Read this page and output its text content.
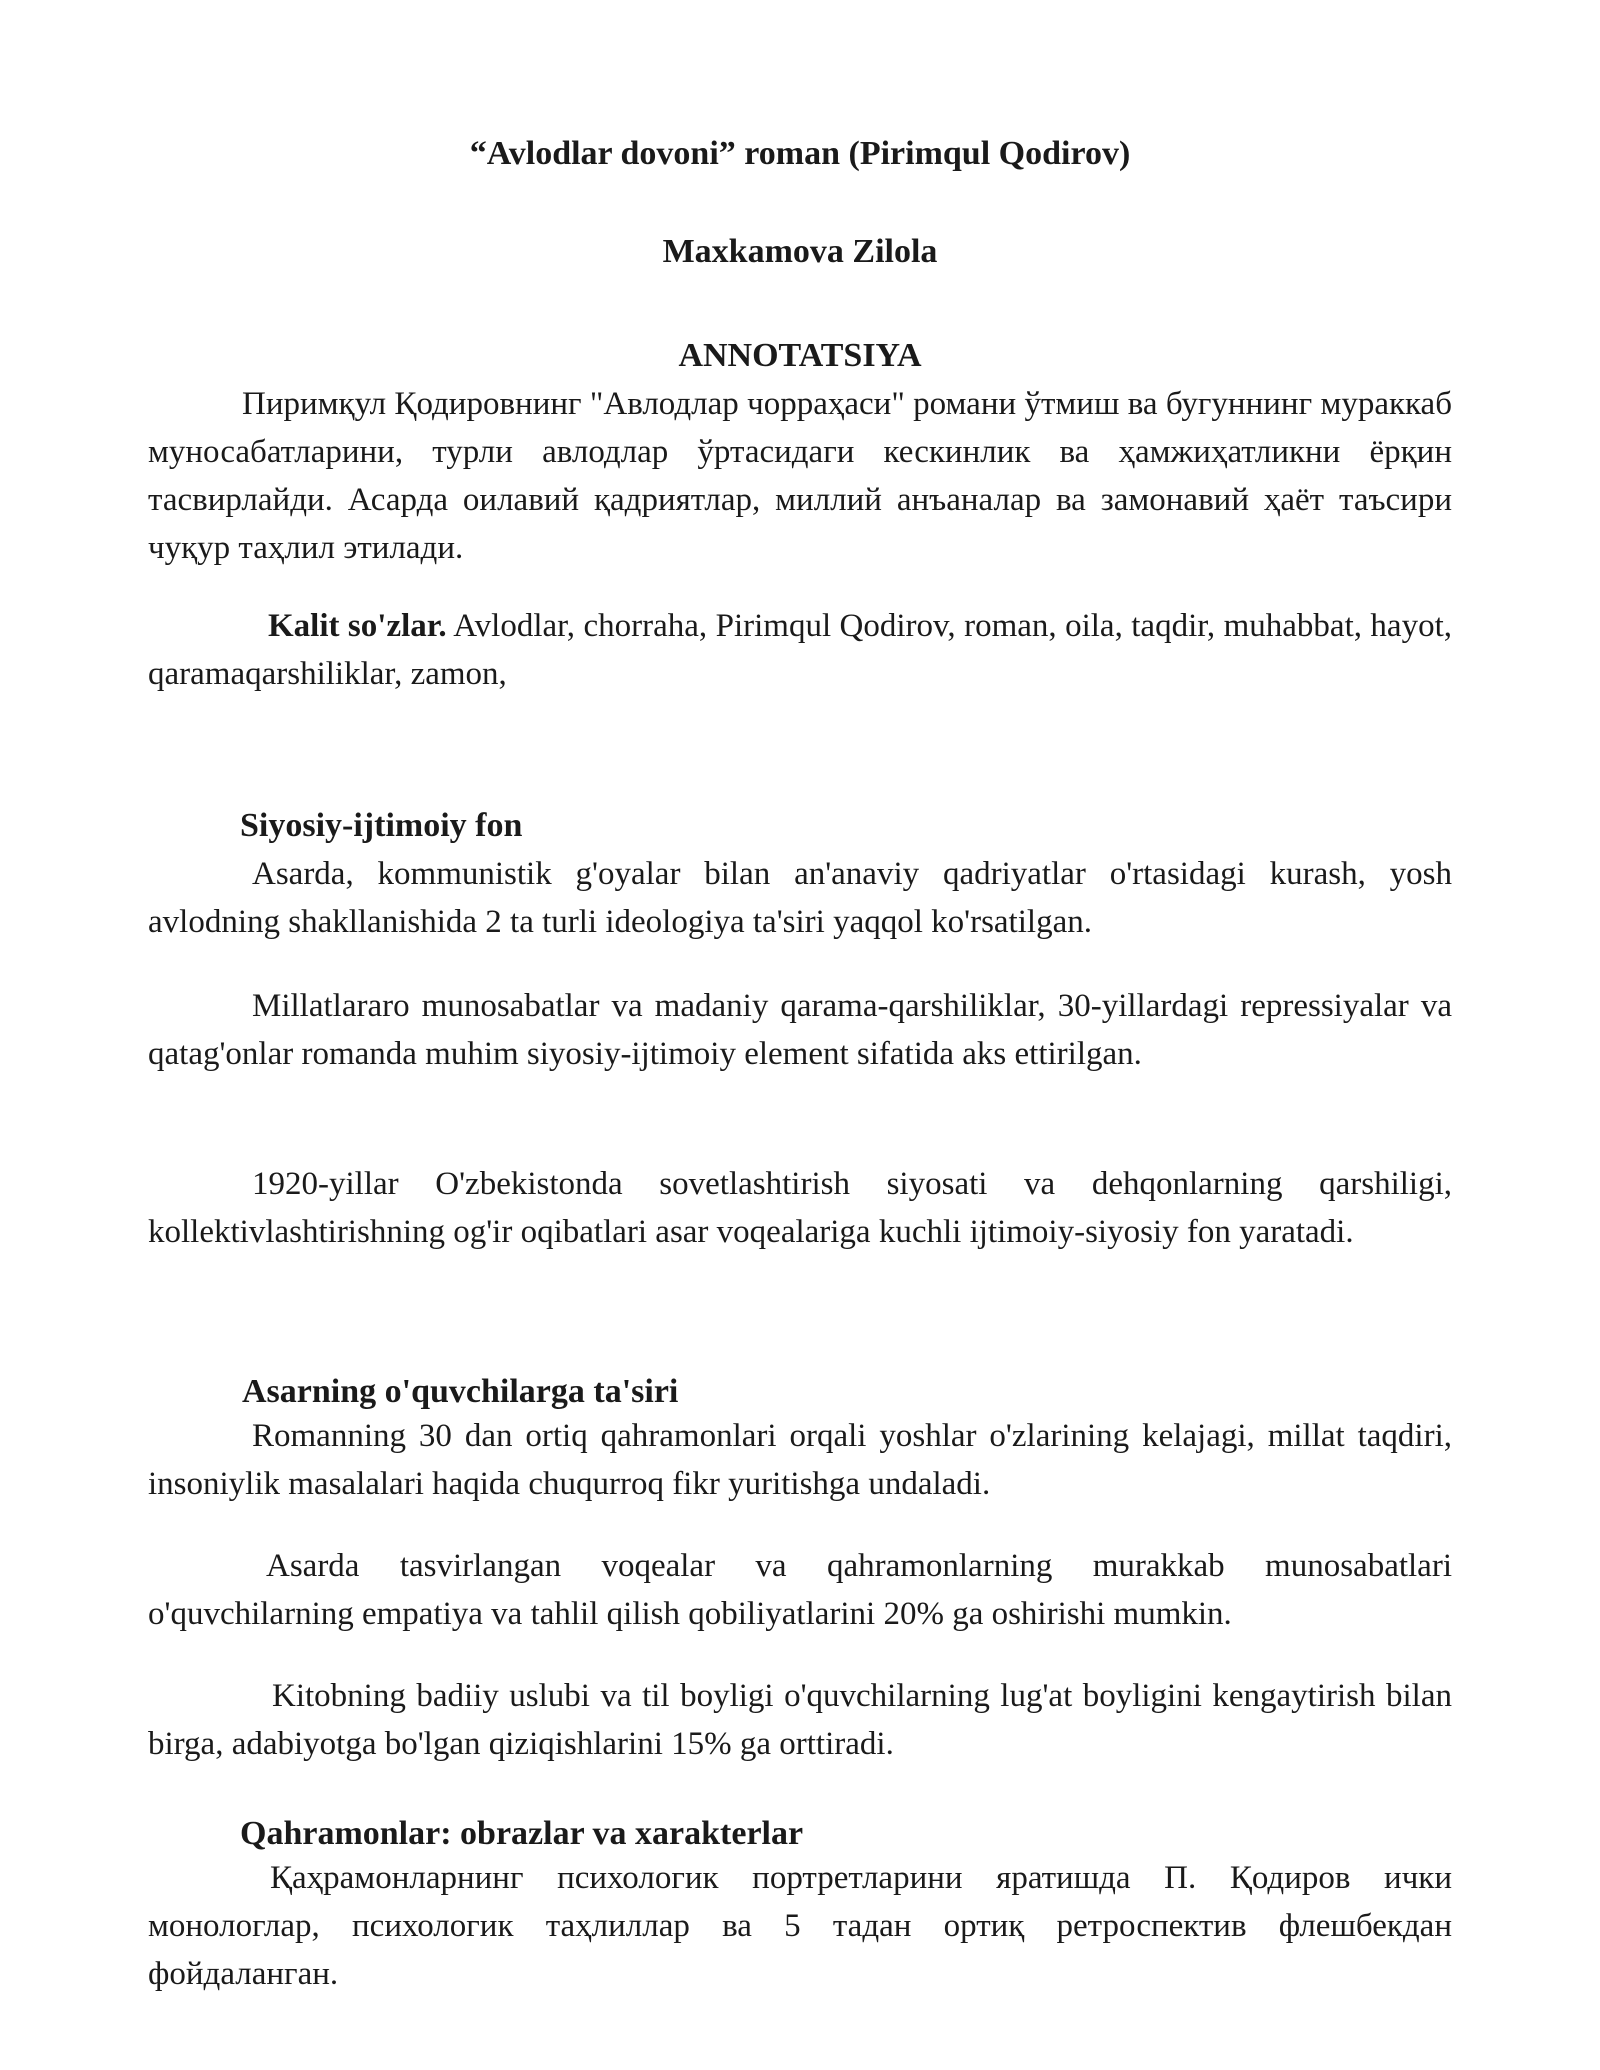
“Avlodlar dovoni” roman (Pirimqul Qodirov)
Maxkamova Zilola
ANNOTATSIYA
Пиримқул Қодировнинг "Авлодлар чорраҳаси" романи ўтмиш ва бугуннинг мураккаб муносабатларини, турли авлодлар ўртасидаги кескинлик ва ҳамжиҳатликни ёрқин тасвирлайди. Асарда оилавий қадриятлар, миллий анъаналар ва замонавий ҳаёт таъсири чуқур таҳлил этилади.
Kalit so'zlar. Avlodlar, chorraha, Pirimqul Qodirov, roman, oila, taqdir, muhabbat, hayot, qaramaqarshiliklar, zamon,
Siyosiy-ijtimoiy fon
Asarda, kommunistik g'oyalar bilan an'anaviy qadriyatlar o'rtasidagi kurash, yosh avlodning shakllanishida 2 ta turli ideologiya ta'siri yaqqol ko'rsatilgan.
Millatlararo munosabatlar va madaniy qarama-qarshiliklar, 30-yillardagi repressiyalar va qatag'onlar romanda muhim siyosiy-ijtimoiy element sifatida aks ettirilgan.
1920-yillar O'zbekistonda sovetlashtirish siyosati va dehqonlarning qarshiligi, kollektivlashtirishning og'ir oqibatlari asar voqealariga kuchli ijtimoiy-siyosiy fon yaratadi.
Asarning o'quvchilarga ta'siri
Romanning 30 dan ortiq qahramonlari orqali yoshlar o'zlarining kelajagi, millat taqdiri, insoniylik masalalari haqida chuqurroq fikr yuritishga undaladi.
Asarda tasvirlangan voqealar va qahramonlarning murakkab munosabatlari o'quvchilarning empatiya va tahlil qilish qobiliyatlarini 20% ga oshirishi mumkin.
Kitobning badiiy uslubi va til boyligi o'quvchilarning lug'at boyligini kengaytirish bilan birga, adabiyotga bo'lgan qiziqishlarini 15% ga orttiradi.
Qahramonlar: obrazlar va xarakterlar
Қаҳрамонларнинг психологик портретларини яратишда П. Қодиров ички монологлар, психологик таҳлиллар ва 5 тадан ортиқ ретроспектив флешбекдан фойдаланган.
